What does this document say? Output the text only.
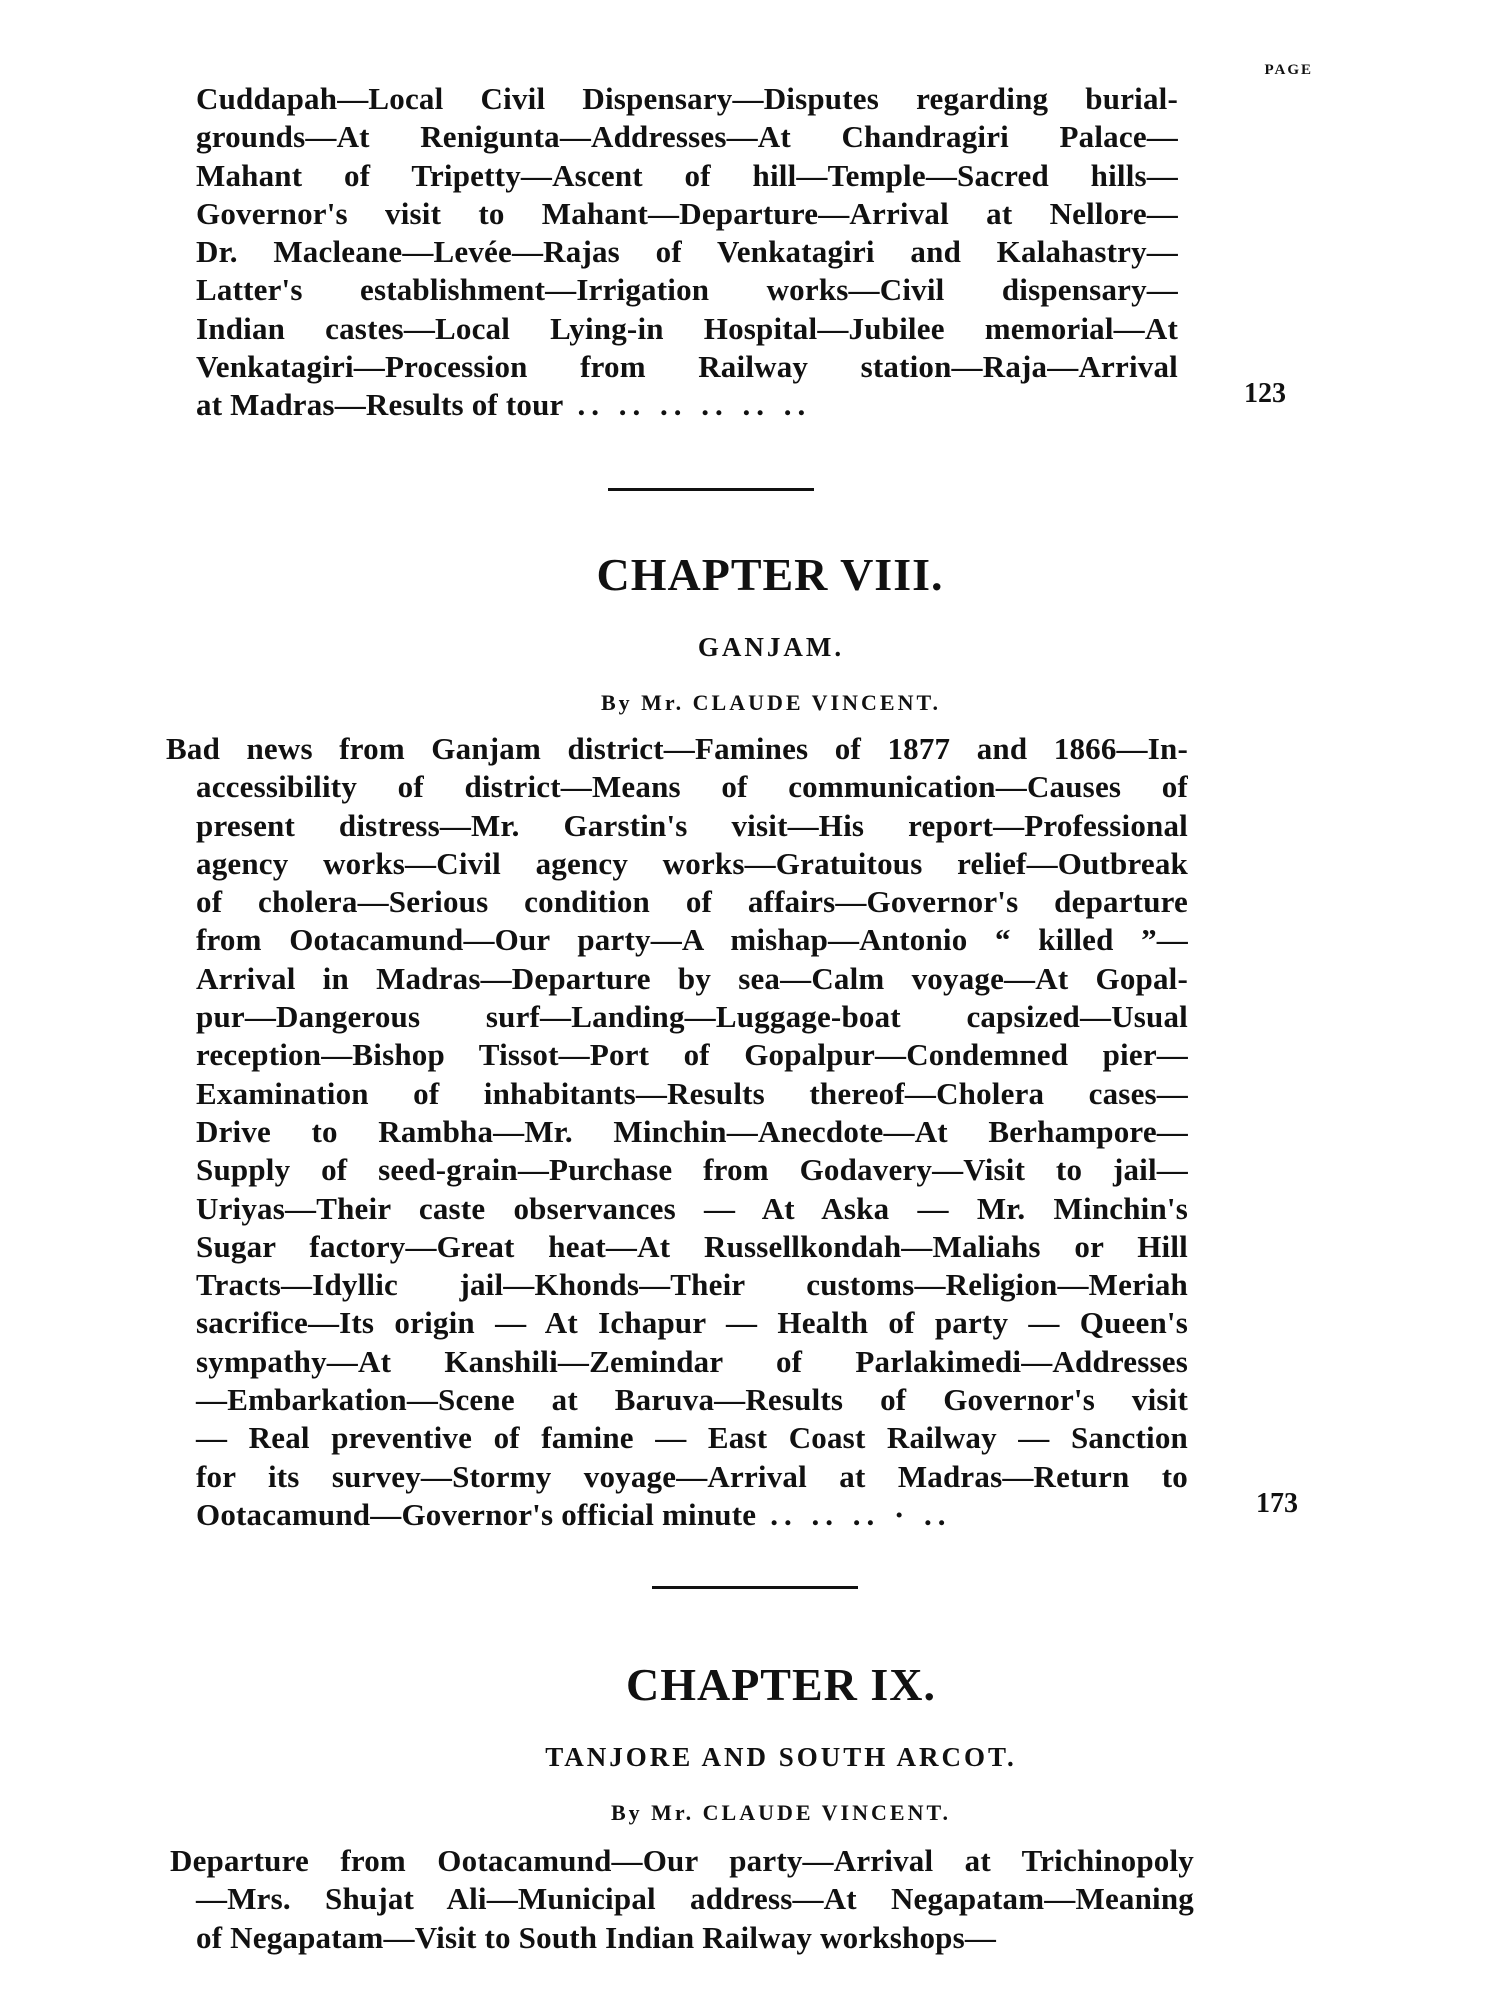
PAGE
Cuddapah—Local Civil Dispensary—Disputes regarding burial-
grounds—At Renigunta—Addresses—At Chandragiri Palace—
Mahant of Tripetty—Ascent of hill—Temple—Sacred hills—
Governor's visit to Mahant—Departure—Arrival at Nellore—
Dr. Macleane—Levée—Rajas of Venkatagiri and Kalahastry—
Latter's establishment—Irrigation works—Civil dispensary—
Indian castes—Local Lying-in Hospital—Jubilee memorial—At
Venkatagiri—Procession from Railway station—Raja—Arrival
at Madras—Results of tour .. .. .. .. .. ..	123
CHAPTER VIII.
GANJAM.
By Mr. CLAUDE VINCENT.
Bad news from Ganjam district—Famines of 1877 and 1866—In-
accessibility of district—Means of communication—Causes of
present distress—Mr. Garstin's visit—His report—Professional
agency works—Civil agency works—Gratuitous relief—Outbreak
of cholera—Serious condition of affairs—Governor's departure
from Ootacamund—Our party—A mishap—Antonio “ killed ”—
Arrival in Madras—Departure by sea—Calm voyage—At Gopal-
pur—Dangerous surf—Landing—Luggage-boat capsized—Usual
reception—Bishop Tissot—Port of Gopalpur—Condemned pier—
Examination of inhabitants—Results thereof—Cholera cases—
Drive to Rambha—Mr. Minchin—Anecdote—At Berhampore—
Supply of seed-grain—Purchase from Godavery—Visit to jail—
Uriyas—Their caste observances — At Aska — Mr. Minchin's
Sugar factory—Great heat—At Russellkondah—Maliahs or Hill
Tracts—Idyllic jail—Khonds—Their customs—Religion—Meriah
sacrifice—Its origin — At Ichapur — Health of party — Queen's
sympathy—At Kanshili—Zemindar of Parlakimedi—Addresses
—Embarkation—Scene at Baruva—Results of Governor's visit
— Real preventive of famine — East Coast Railway — Sanction
for its survey—Stormy voyage—Arrival at Madras—Return to
Ootacamund—Governor's official minute .. .. .. · ..	173
CHAPTER IX.
TANJORE AND SOUTH ARCOT.
By Mr. CLAUDE VINCENT.
Departure from Ootacamund—Our party—Arrival at Trichinopoly
—Mrs. Shujat Ali—Municipal address—At Negapatam—Meaning
of Negapatam—Visit to South Indian Railway workshops—
